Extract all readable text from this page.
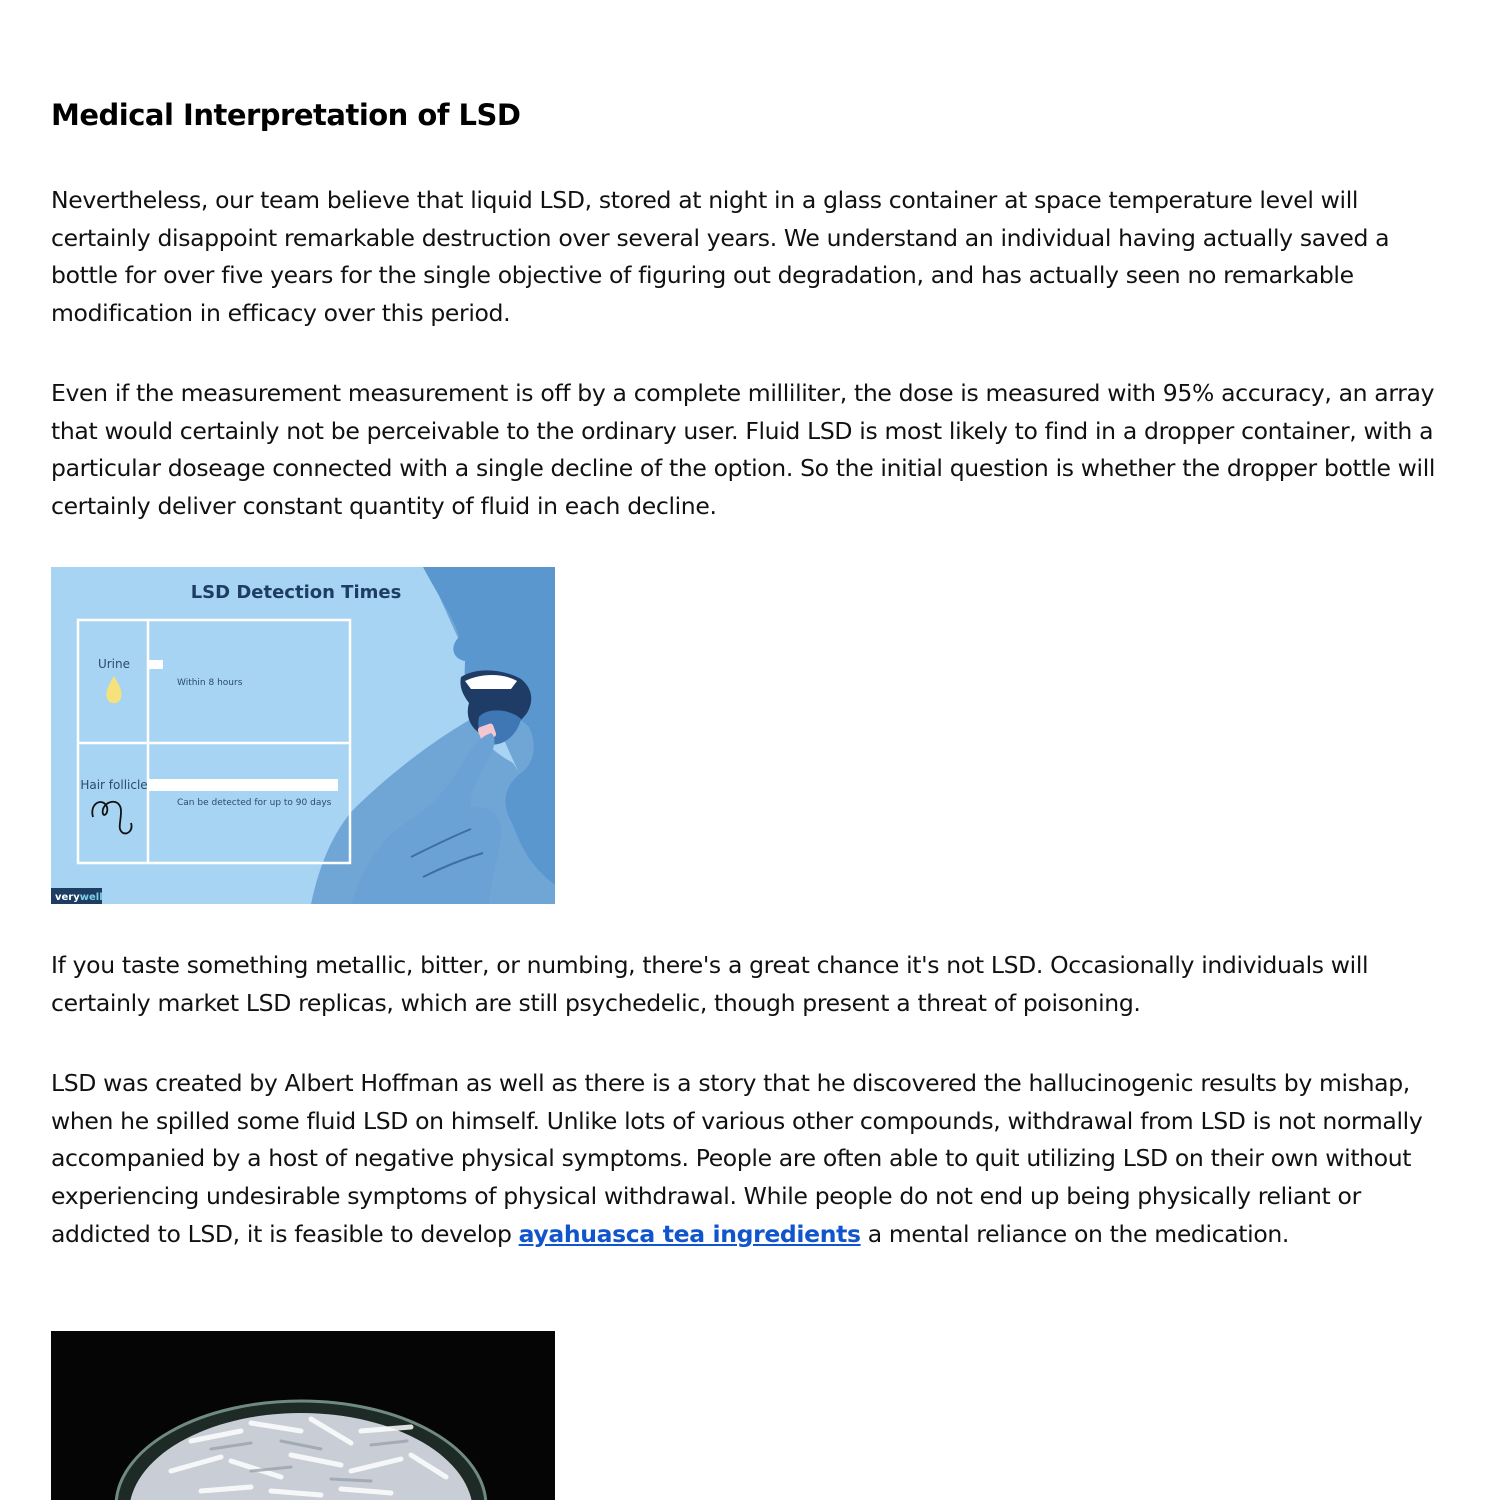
Medical Interpretation of LSD

Nevertheless, our team believe that liquid LSD, stored at night in a glass container at space temperature level will certainly disappoint remarkable destruction over several years. We understand an individual having actually saved a bottle for over five years for the single objective of figuring out degradation, and has actually seen no remarkable modification in efficacy over this period.

Even if the measurement measurement is off by a complete milliliter, the dose is measured with 95% accuracy, an array that would certainly not be perceivable to the ordinary user. Fluid LSD is most likely to find in a dropper container, with a particular doseage connected with a single decline of the option. So the initial question is whether the dropper bottle will certainly deliver constant quantity of fluid in each decline.

LSD Detection Times
Urine
Within 8 hours
Hair follicle
Can be detected for up to 90 days
verywell

If you taste something metallic, bitter, or numbing, there's a great chance it's not LSD. Occasionally individuals will certainly market LSD replicas, which are still psychedelic, though present a threat of poisoning.

LSD was created by Albert Hoffman as well as there is a story that he discovered the hallucinogenic results by mishap, when he spilled some fluid LSD on himself. Unlike lots of various other compounds, withdrawal from LSD is not normally accompanied by a host of negative physical symptoms. People are often able to quit utilizing LSD on their own without experiencing undesirable symptoms of physical withdrawal. While people do not end up being physically reliant or addicted to LSD, it is feasible to develop ayahuasca tea ingredients a mental reliance on the medication.
